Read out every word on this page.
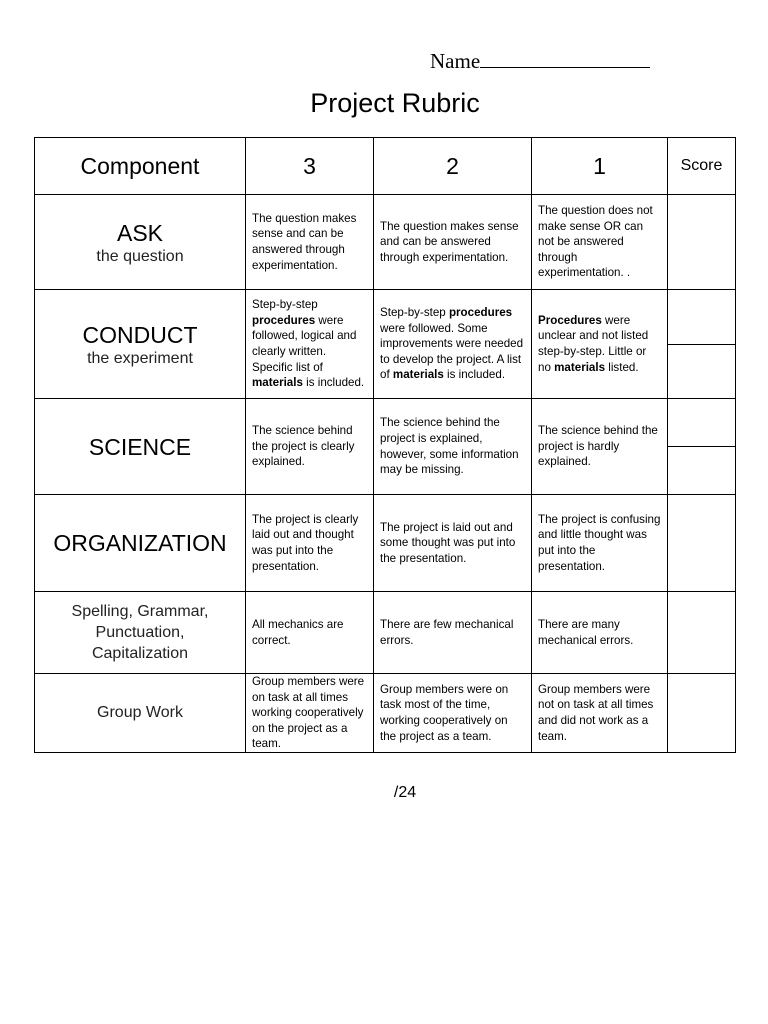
Name
Project Rubric
Component	3	2	1	Score

ASK
the question	The question makes sense and can be answered through experimentation.	The question makes sense and can be answered through experimentation.	The question does not make sense OR can not be answered through experimentation. .	

CONDUCT
the experiment	Step-by-step procedures were followed, logical and clearly written. Specific list of materials is included.	Step-by-step procedures were followed. Some improvements were needed to develop the project. A list of materials is included.	Procedures were unclear and not listed step-by-step. Little or no materials listed.	

SCIENCE	The science behind the project is clearly explained.	The science behind the project is explained, however, some information may be missing.	The science behind the project is hardly explained.	

ORGANIZATION	The project is clearly laid out and thought was put into the presentation.	The project is laid out and some thought was put into the presentation.	The project is confusing and little thought was put into the presentation.	

Spelling, Grammar, Punctuation, Capitalization	All mechanics are correct.	There are few mechanical errors.	There are many mechanical errors.	

Group Work	Group members were on task at all times working cooperatively on the project as a team.	Group members were on task most of the time, working cooperatively on the project as a team.	Group members were not on task at all times and did not work as a team.	
/24
